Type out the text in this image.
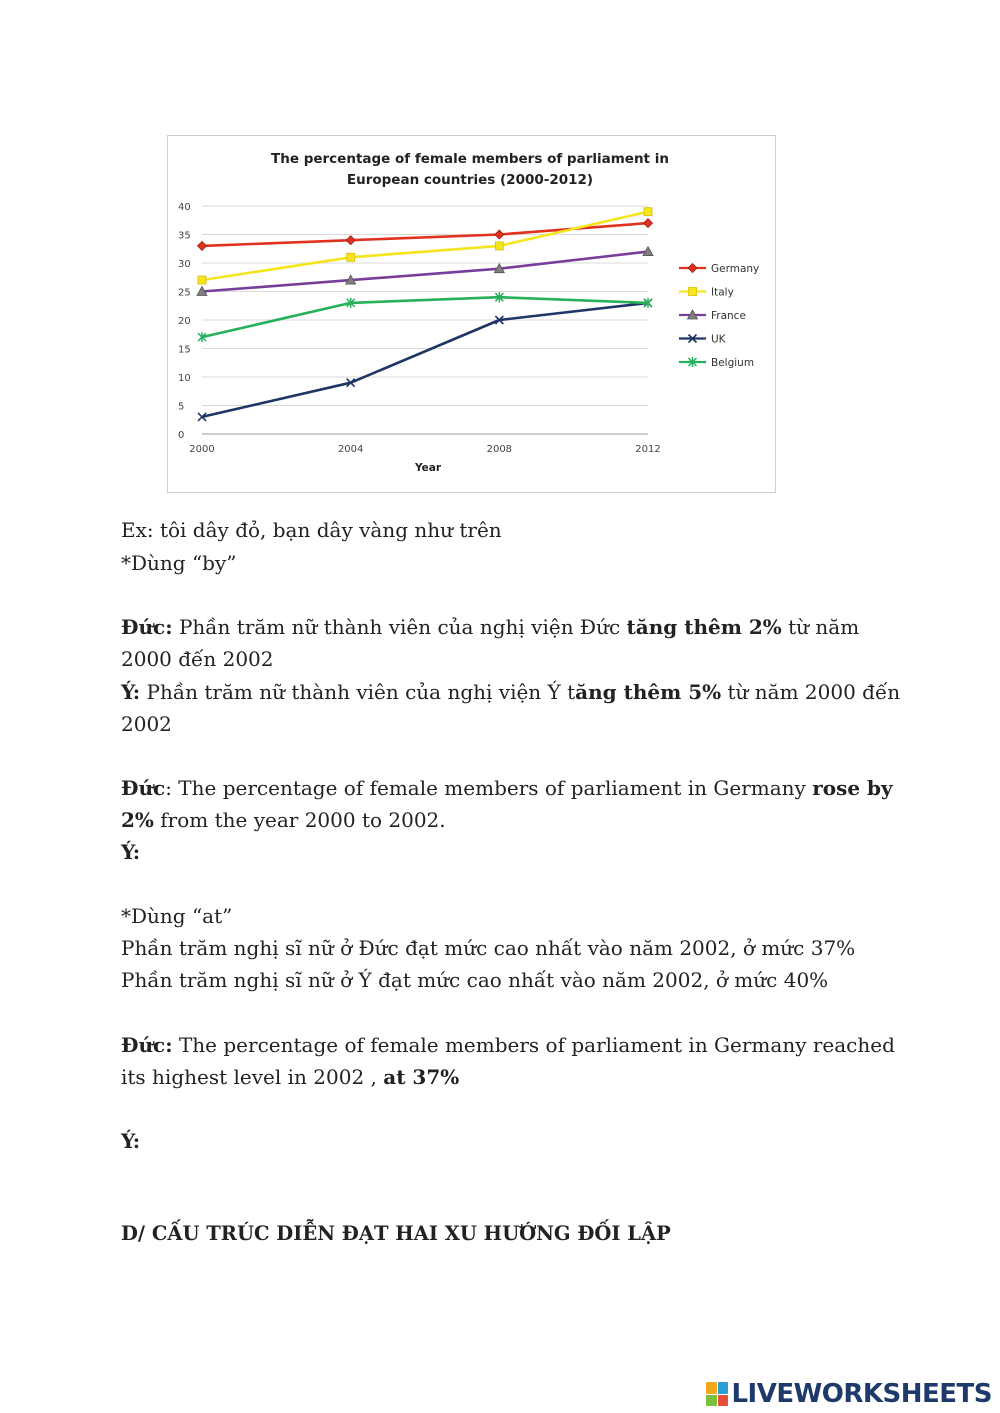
0
5
10
15
20
25
30
35
40
2000	2004	2008	2012
Year
Germany
Italy
France
UK
Belgium
The percentage of female members of parliament in
European countries (2000-2012)
Ex: tôi dây đỏ, bạn dây vàng như trên
*Dùng “by”
Đức: Phần trăm nữ thành viên của nghị viện Đức tăng thêm 2% từ năm 2000 đến 2002
Ý: Phần trăm nữ thành viên của nghị viện Ý tăng thêm 5% từ năm 2000 đến 2002
Đức: The percentage of female members of parliament in Germany rose by 2% from the year 2000 to 2002.
Ý:
*Dùng “at”
Phần trăm nghị sĩ nữ ở Đức đạt mức cao nhất vào năm 2002, ở mức 37%
Phần trăm nghị sĩ nữ ở Ý đạt mức cao nhất vào năm 2002, ở mức 40%
Đức: The percentage of female members of parliament in Germany reached its highest level in 2002 , at 37%
Ý:
D/ CẤU TRÚC DIỄN ĐẠT HAI XU HƯỚNG ĐỐI LẬP
LIVEWORKSHEETS
